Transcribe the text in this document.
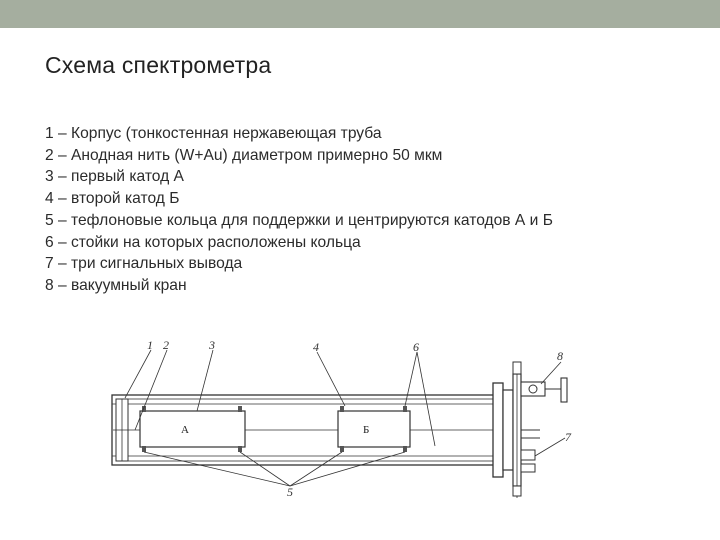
Схема спектрометра
1 – Корпус (тонкостенная нержавеющая труба
2 – Анодная нить (W+Au) диаметром примерно 50 мкм
3 – первый катод А
4 – второй катод Б
5 – тефлоновые кольца для поддержки и центрируются катодов А и Б
6 – стойки на которых расположены кольца
7 – три сигнальных вывода
8 – вакуумный кран
1 2	3	4
5
6
7
8
А	Б
